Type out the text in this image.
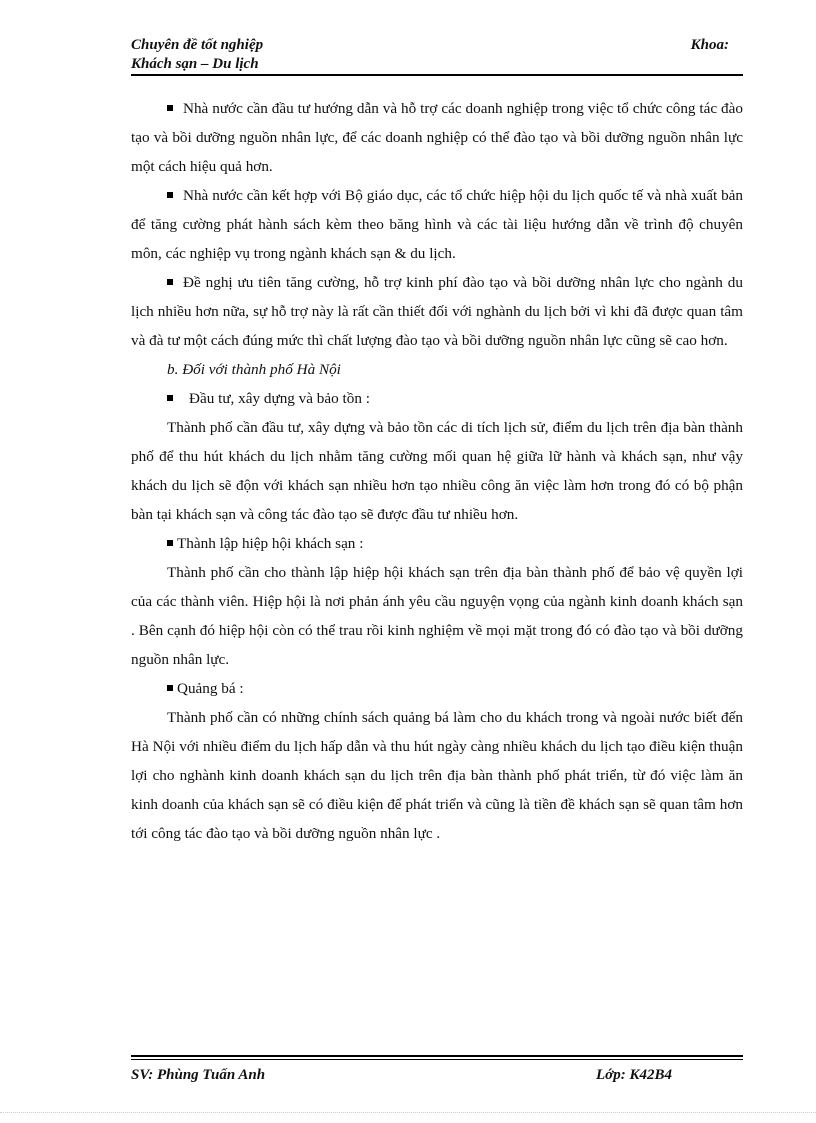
Chuyên đề tốt nghiệp
Khách sạn – Du lịch
Khoa:

Nhà nước cần đầu tư hướng dẫn và hỗ trợ các doanh nghiệp trong việc tổ chức công tác đào tạo và bồi dưỡng nguồn nhân lực, để các doanh nghiệp có thể đào tạo và bồi dưỡng nguồn nhân lực một cách hiệu quả hơn.

Nhà nước cần kết hợp với Bộ giáo dục, các tổ chức hiệp hội du lịch quốc tế và nhà xuất bản để tăng cường phát hành sách kèm theo băng hình và các tài liệu hướng dẫn về trình độ chuyên môn, các nghiệp vụ trong ngành khách sạn & du lịch.

Đề nghị ưu tiên tăng cường, hỗ trợ kinh phí đào tạo và bồi dưỡng nhân lực cho ngành du lịch nhiều hơn nữa, sự hỗ trợ này là rất cần thiết đối với nghành du lịch bởi vì khi đã được quan tâm và đà tư một cách đúng mức thì chất lượng đào tạo và bồi dưỡng nguồn nhân lực cũng sẽ cao hơn.

b. Đối với thành phố Hà Nội

Đầu tư, xây dựng và bảo tồn :

Thành phố cần đầu tư, xây dựng và bảo tồn các di tích lịch sử, điểm du lịch trên địa bàn thành phố để thu hút khách du lịch nhằm tăng cường mối quan hệ giữa lữ hành và khách sạn, như vậy khách du lịch sẽ độn với khách sạn nhiều hơn tạo nhiều công ăn việc làm hơn trong đó có bộ phận bàn tại khách sạn và công tác đào tạo sẽ được đầu tư nhiều hơn.

Thành lập hiệp hội khách sạn :

Thành phố cần cho thành lập hiệp hội khách sạn trên địa bàn thành phố để bảo vệ quyền lợi của các thành viên. Hiệp hội là nơi phản ánh yêu cầu nguyện vọng của ngành kinh doanh khách sạn . Bên cạnh đó hiệp hội còn có thể trau rồi kinh nghiệm về mọi mặt trong đó có đào tạo và bồi dưỡng nguồn nhân lực.

Quảng bá :

Thành phố cần có những chính sách quảng bá làm cho du khách trong và ngoài nước biết đến Hà Nội với nhiều điểm du lịch hấp dẫn và thu hút ngày càng nhiều khách du lịch tạo điều kiện thuận lợi cho nghành kinh doanh khách sạn du lịch trên địa bàn thành phố phát triển, từ đó việc làm ăn kinh doanh của khách sạn sẽ có điều kiện để phát triển và cũng là tiền đề khách sạn sẽ quan tâm hơn tới công tác đào tạo và bồi dưỡng nguồn nhân lực .

SV: Phùng Tuấn Anh	Lớp: K42B4
